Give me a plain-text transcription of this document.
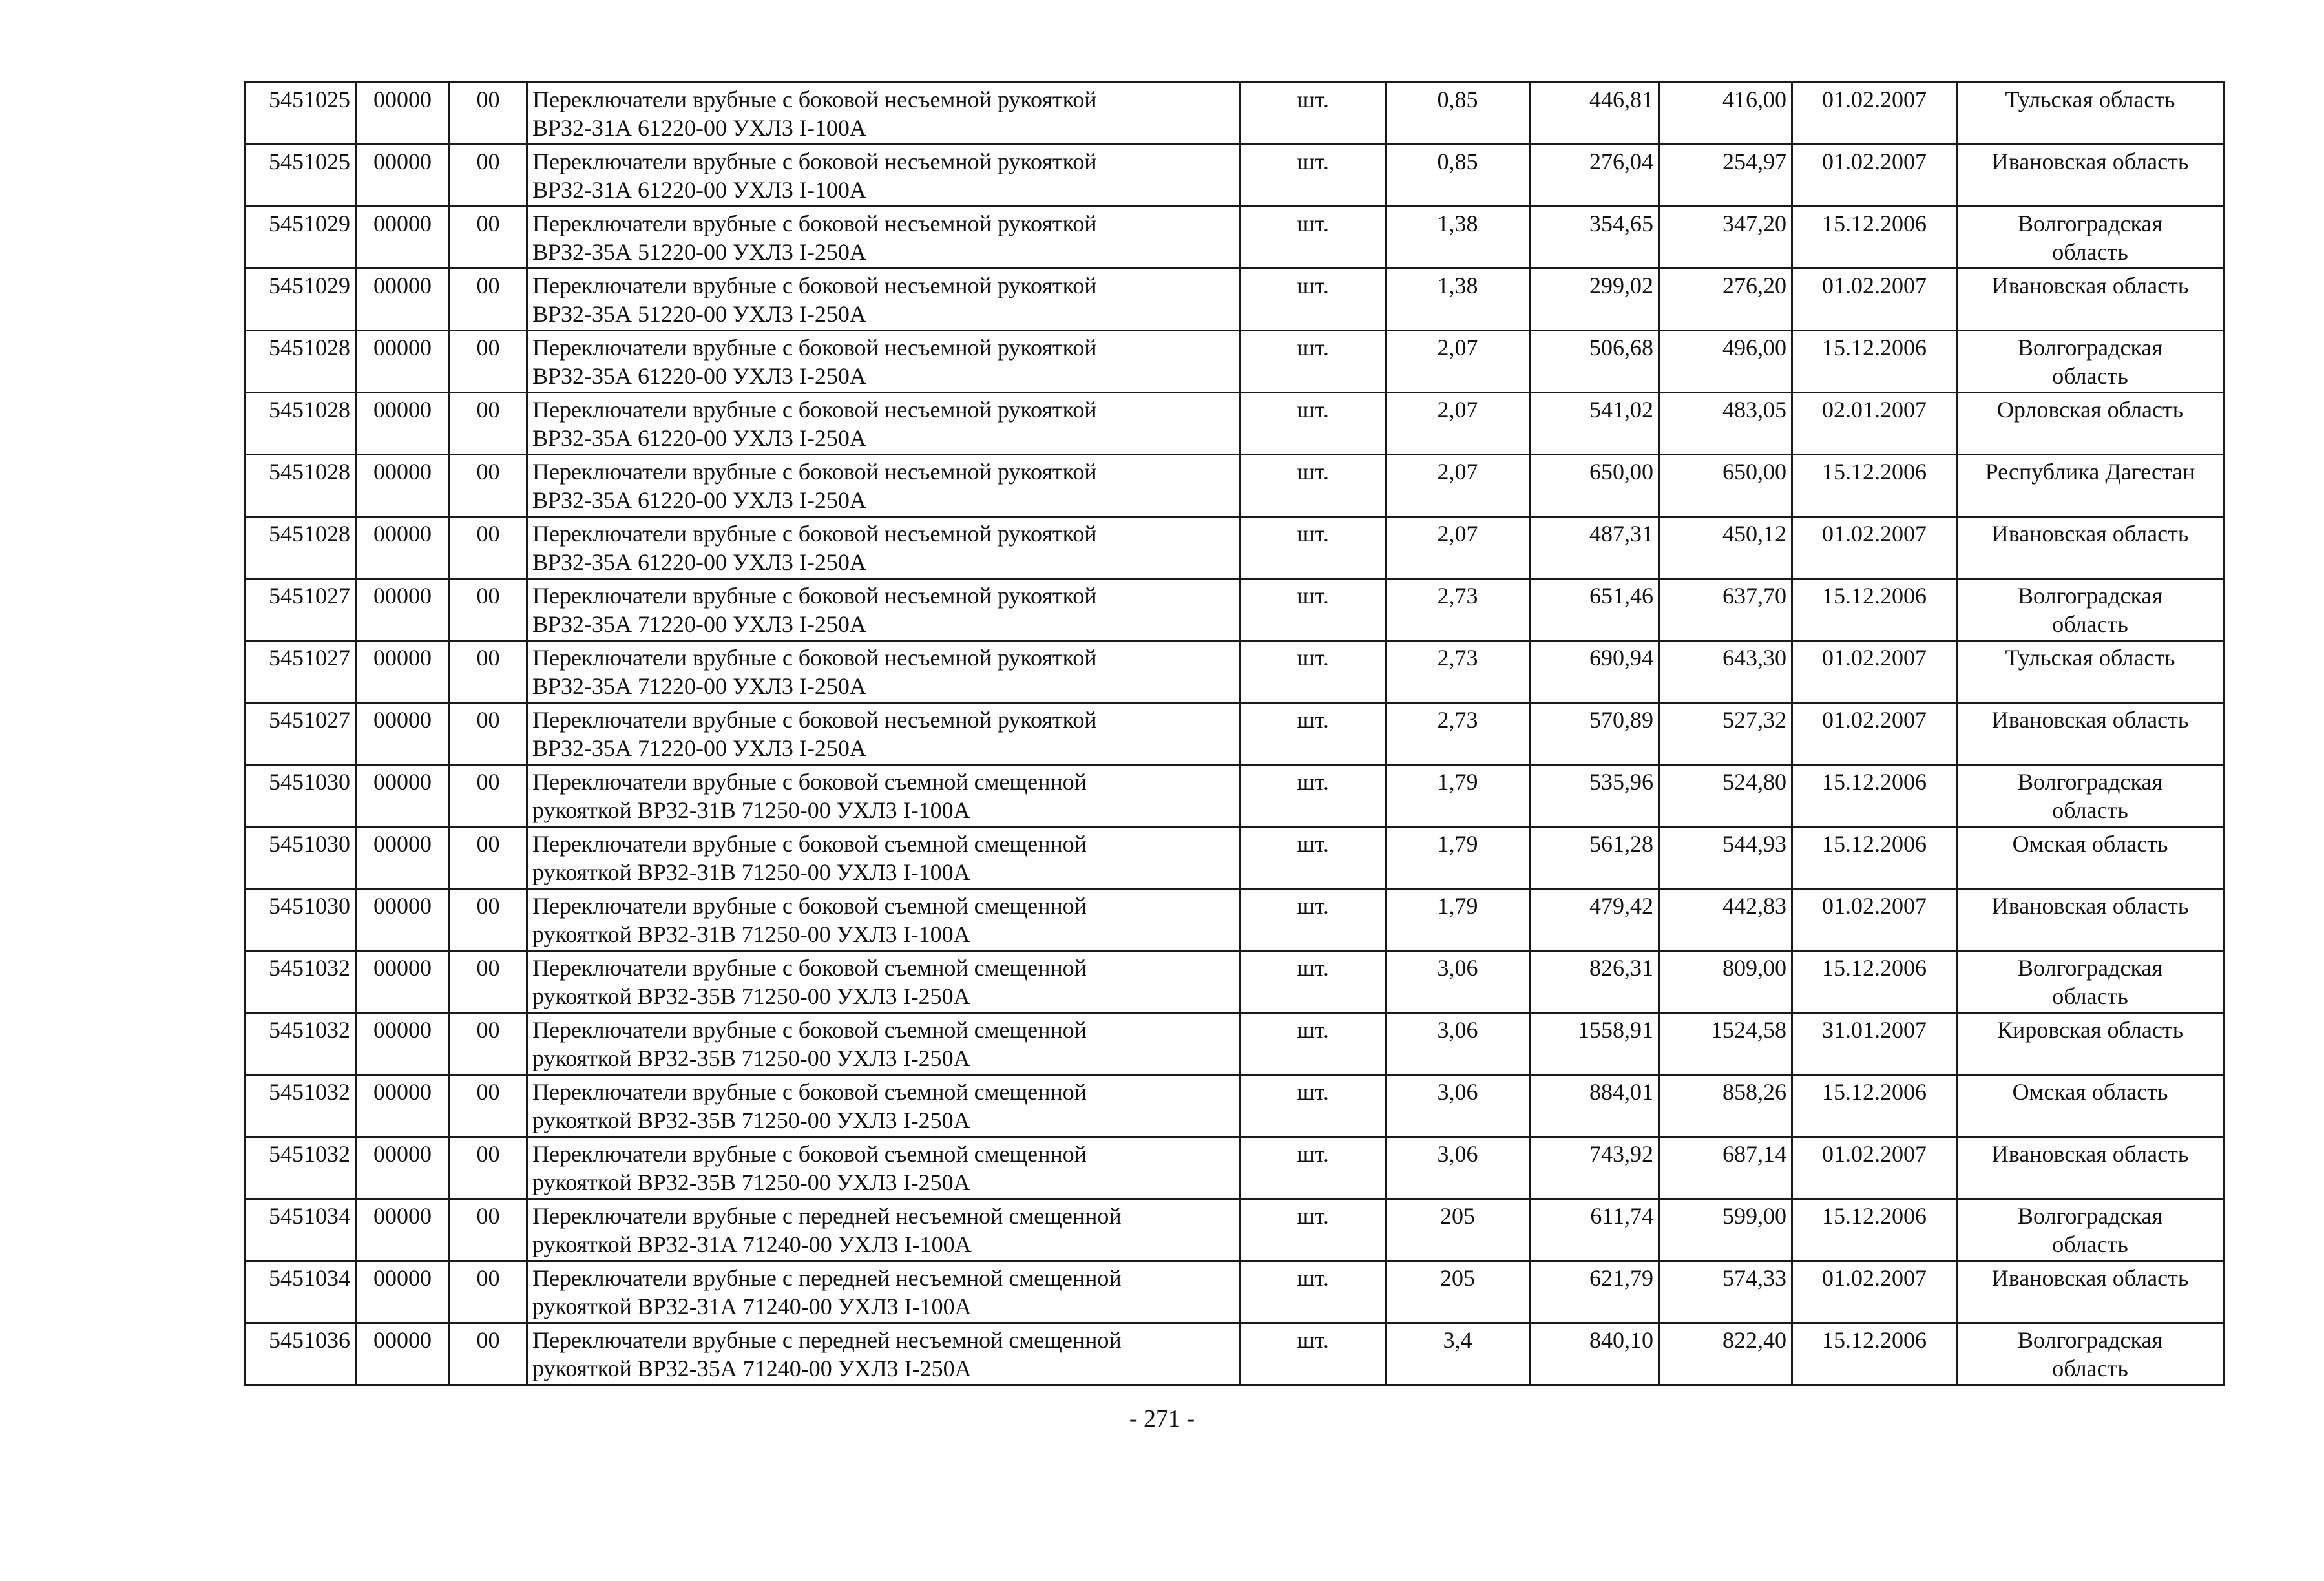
5451025	00000	00	Переключатели врубные с боковой несъемной рукояткой
ВР32-31А 61220-00 УХЛ3 I-100А	шт.	0,85	446,81	416,00	01.02.2007	Тульская область
5451025	00000	00	Переключатели врубные с боковой несъемной рукояткой
ВР32-31А 61220-00 УХЛ3 I-100А	шт.	0,85	276,04	254,97	01.02.2007	Ивановская область
5451029	00000	00	Переключатели врубные с боковой несъемной рукояткой
ВР32-35А 51220-00 УХЛ3 I-250А	шт.	1,38	354,65	347,20	15.12.2006	Волгоградская
область
5451029	00000	00	Переключатели врубные с боковой несъемной рукояткой
ВР32-35А 51220-00 УХЛ3 I-250А	шт.	1,38	299,02	276,20	01.02.2007	Ивановская область
5451028	00000	00	Переключатели врубные с боковой несъемной рукояткой
ВР32-35А 61220-00 УХЛ3 I-250А	шт.	2,07	506,68	496,00	15.12.2006	Волгоградская
область
5451028	00000	00	Переключатели врубные с боковой несъемной рукояткой
ВР32-35А 61220-00 УХЛ3 I-250А	шт.	2,07	541,02	483,05	02.01.2007	Орловская область
5451028	00000	00	Переключатели врубные с боковой несъемной рукояткой
ВР32-35А 61220-00 УХЛ3 I-250А	шт.	2,07	650,00	650,00	15.12.2006	Республика Дагестан
5451028	00000	00	Переключатели врубные с боковой несъемной рукояткой
ВР32-35А 61220-00 УХЛ3 I-250А	шт.	2,07	487,31	450,12	01.02.2007	Ивановская область
5451027	00000	00	Переключатели врубные с боковой несъемной рукояткой
ВР32-35А 71220-00 УХЛ3 I-250А	шт.	2,73	651,46	637,70	15.12.2006	Волгоградская
область
5451027	00000	00	Переключатели врубные с боковой несъемной рукояткой
ВР32-35А 71220-00 УХЛ3 I-250А	шт.	2,73	690,94	643,30	01.02.2007	Тульская область
5451027	00000	00	Переключатели врубные с боковой несъемной рукояткой
ВР32-35А 71220-00 УХЛ3 I-250А	шт.	2,73	570,89	527,32	01.02.2007	Ивановская область
5451030	00000	00	Переключатели врубные с боковой съемной смещенной
рукояткой ВР32-31В 71250-00 УХЛ3 I-100А	шт.	1,79	535,96	524,80	15.12.2006	Волгоградская
область
5451030	00000	00	Переключатели врубные с боковой съемной смещенной
рукояткой ВР32-31В 71250-00 УХЛ3 I-100А	шт.	1,79	561,28	544,93	15.12.2006	Омская область
5451030	00000	00	Переключатели врубные с боковой съемной смещенной
рукояткой ВР32-31В 71250-00 УХЛ3 I-100А	шт.	1,79	479,42	442,83	01.02.2007	Ивановская область
5451032	00000	00	Переключатели врубные с боковой съемной смещенной
рукояткой ВР32-35В 71250-00 УХЛ3 I-250А	шт.	3,06	826,31	809,00	15.12.2006	Волгоградская
область
5451032	00000	00	Переключатели врубные с боковой съемной смещенной
рукояткой ВР32-35В 71250-00 УХЛ3 I-250А	шт.	3,06	1558,91	1524,58	31.01.2007	Кировская область
5451032	00000	00	Переключатели врубные с боковой съемной смещенной
рукояткой ВР32-35В 71250-00 УХЛ3 I-250А	шт.	3,06	884,01	858,26	15.12.2006	Омская область
5451032	00000	00	Переключатели врубные с боковой съемной смещенной
рукояткой ВР32-35В 71250-00 УХЛ3 I-250А	шт.	3,06	743,92	687,14	01.02.2007	Ивановская область
5451034	00000	00	Переключатели врубные с передней несъемной смещенной
рукояткой ВР32-31А 71240-00 УХЛ3 I-100А	шт.	205	611,74	599,00	15.12.2006	Волгоградская
область
5451034	00000	00	Переключатели врубные с передней несъемной смещенной
рукояткой ВР32-31А 71240-00 УХЛ3 I-100А	шт.	205	621,79	574,33	01.02.2007	Ивановская область
5451036	00000	00	Переключатели врубные с передней несъемной смещенной
рукояткой ВР32-35А 71240-00 УХЛ3 I-250А	шт.	3,4	840,10	822,40	15.12.2006	Волгоградская
область
- 271 -
